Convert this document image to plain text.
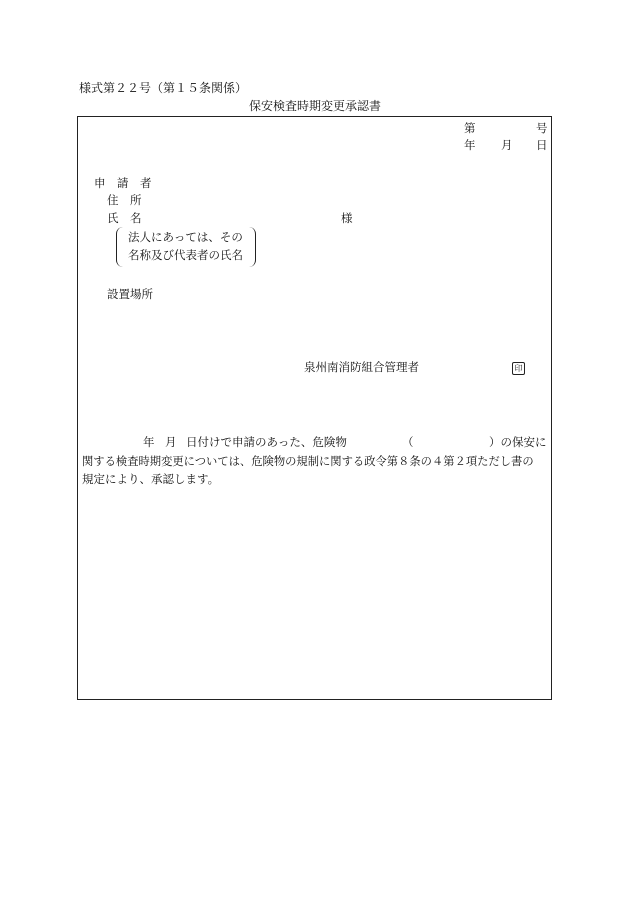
様式第２２号（第１５条関係）
保安検査時期変更承認書
第	号
年 月 日
申　請　者
住　所
氏　名	様
法人にあっては、その
名称及び代表者の氏名
設置場所
泉州南消防組合管理者	印
年 月 日付けで申請のあった、危険物	（	）の保安に
関する検査時期変更については、危険物の規制に関する政令第８条の４第２項ただし書の
規定により、承認します。
